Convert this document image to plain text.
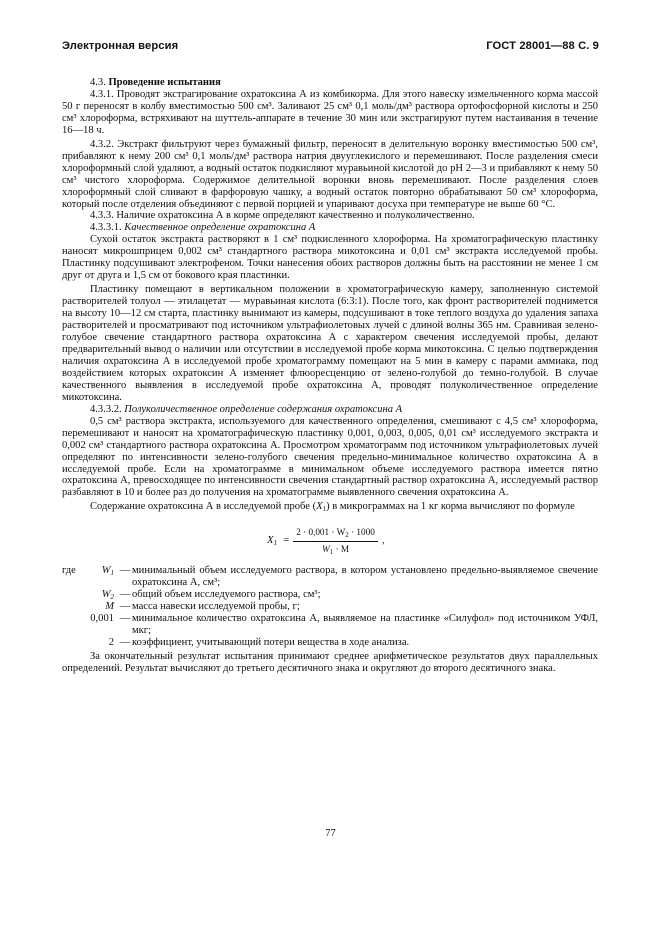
Электронная версия	ГОСТ 28001—88 С. 9

4.3. Проведение испытания

4.3.1. Проводят экстрагирование охратоксина А из комбикорма. Для этого навеску измельченного корма массой 50 г переносят в колбу вместимостью 500 см³. Заливают 25 см³ 0,1 моль/дм³ раствора ортофосфорной кислоты и 250 см³ хлороформа, встряхивают на шуттель-аппарате в течение 30 мин или экстрагируют путем настаивания в течение 16—18 ч.

4.3.2. Экстракт фильтруют через бумажный фильтр, переносят в делительную воронку вместимостью 500 см³, прибавляют к нему 200 см³ 0,1 моль/дм³ раствора натрия двууглекислого и перемешивают. После разделения смеси хлороформный слой удаляют, а водный остаток подкисляют муравьиной кислотой до рН 2—3 и прибавляют к нему 50 см³ чистого хлороформа. Содержимое делительной воронки вновь перемешивают. После разделения слоев хлороформный слой сливают в фарфоровую чашку, а водный остаток повторно обрабатывают 50 см³ хлороформа, который после отделения объединяют с первой порцией и упаривают досуха при температуре не выше 60 °С.

4.3.3. Наличие охратоксина А в корме определяют качественно и полуколичественно.

4.3.3.1. Качественное определение охратоксина А

Сухой остаток экстракта растворяют в 1 см³ подкисленного хлороформа. На хроматографическую пластинку наносят микрошприцем 0,002 см³ стандартного раствора микотоксина и 0,01 см³ экстракта исследуемой пробы. Пластинку подсушивают электрофеном. Точки нанесения обоих растворов должны быть на расстоянии не менее 1 см друг от друга и 1,5 см от бокового края пластинки.

Пластинку помещают в вертикальном положении в хроматографическую камеру, заполненную системой растворителей толуол — этилацетат — муравьиная кислота (6:3:1). После того, как фронт растворителей поднимется на высоту 10—12 см старта, пластинку вынимают из камеры, подсушивают в токе теплого воздуха до удаления запаха растворителей и просматривают под источником ультрафиолетовых лучей с длиной волны 365 нм. Сравнивая зелено-голубое свечение стандартного раствора охратоксина А с характером свечения исследуемой пробы, делают предварительный вывод о наличии или отсутствии в исследуемой пробе корма микотоксина. С целью подтверждения наличия охратоксина А в исследуемой пробе хроматограмму помещают на 5 мин в камеру с парами аммиака, под воздействием которых охратоксин А изменяет флюоресценцию от зелено-голубой до темно-голубой. В случае качественного выявления в исследуемой пробе охратоксина А, проводят полуколичественное определение микотоксина.

4.3.3.2. Полуколичественное определение содержания охратоксина А

0,5 см³ раствора экстракта, используемого для качественного определения, смешивают с 4,5 см³ хлороформа, перемешивают и наносят на хроматографическую пластинку 0,001, 0,003, 0,005, 0,01 см³ исследуемого экстракта и 0,002 см³ стандартного раствора охратоксина А. Просмотром хроматограмм под источником ультрафиолетовых лучей определяют по интенсивности зелено-голубого свечения предельно-минимальное количество охратоксина А в исследуемой пробе. Если на хроматограмме в минимальном объеме исследуемого раствора имеется пятно охратоксина А, превосходящее по интенсивности свечения стандартный раствор охратоксина А, исследуемый раствор разбавляют в 10 и более раз до получения на хроматограмме выявленного свечения охратоксина А.

Содержание охратоксина А в исследуемой пробе $(X_1)$ в микрограммах на 1 кг корма вычисляют по формуле

$X_1 = \frac{2 \cdot 0,001 \cdot W_2 \cdot 1000}{W_1 \cdot M}$ ,
где	$W_1$	—	минимальный объем исследуемого раствора, в котором установлено предельно-выявляемое свечение охратоксина А, см³;
	$W_2$	—	общий объем исследуемого раствора, см³;
	M	—	масса навески исследуемой пробы, г;
	0,001	—	минимальное количество охратоксина А, выявляемое на пластинке «Силуфол» под источником УФЛ, мкг;
	2	—	коэффициент, учитывающий потери вещества в ходе анализа.

За окончательный результат испытания принимают среднее арифметическое результатов двух параллельных определений. Результат вычисляют до третьего десятичного знака и округляют до второго десятичного знака.

77
